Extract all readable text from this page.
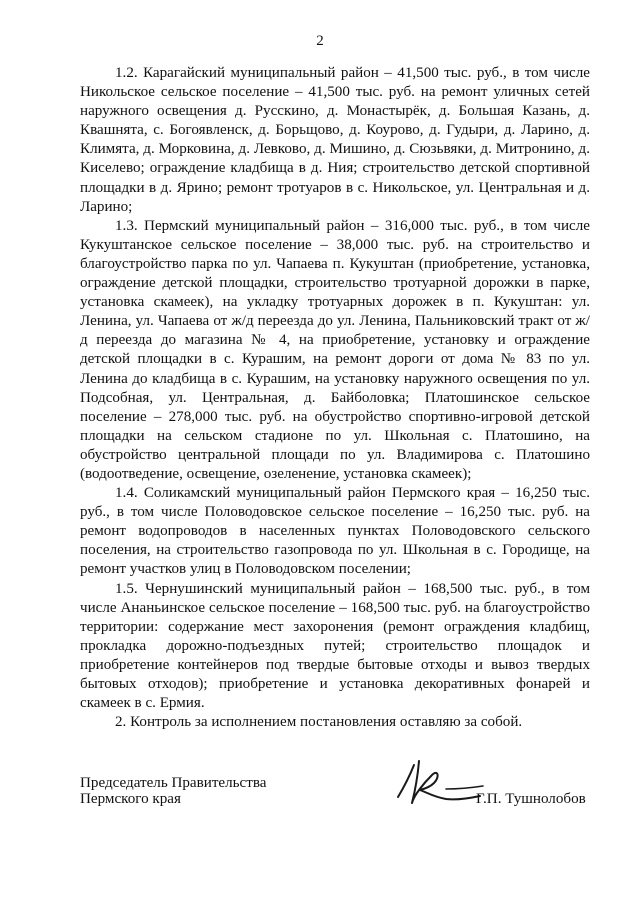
2

1.2. Карагайский муниципальный район – 41,500 тыс. руб., в том числе Никольское сельское поселение – 41,500 тыс. руб. на ремонт уличных сетей наружного освещения д. Русскино, д. Монастырёк, д. Большая Казань, д. Квашнята, с. Богоявленск, д. Борьщово, д. Коурово, д. Гудыри, д. Ларино, д. Климята, д. Морковина, д. Левково, д. Мишино, д. Сюзьвяки, д. Митронино, д. Киселево; ограждение кладбища в д. Ния; строительство детской спортивной площадки в д. Ярино; ремонт тротуаров в с. Никольское, ул. Центральная и д. Ларино;

1.3. Пермский муниципальный район – 316,000 тыс. руб., в том числе Кукуштанское сельское поселение – 38,000 тыс. руб. на строительство и благоустройство парка по ул. Чапаева п. Кукуштан (приобретение, установка, ограждение детской площадки, строительство тротуарной дорожки в парке, установка скамеек), на укладку тротуарных дорожек в п. Кукуштан: ул. Ленина, ул. Чапаева от ж/д переезда до ул. Ленина, Пальниковский тракт от ж/д переезда до магазина № 4, на приобретение, установку и ограждение детской площадки в с. Курашим, на ремонт дороги от дома № 83 по ул. Ленина до кладбища в с. Курашим, на установку наружного освещения по ул. Подсобная, ул. Центральная, д. Байболовка; Платошинское сельское поселение – 278,000 тыс. руб. на обустройство спортивно-игровой детской площадки на сельском стадионе по ул. Школьная с. Платошино, на обустройство центральной площади по ул. Владимирова с. Платошино (водоотведение, освещение, озеленение, установка скамеек);

1.4. Соликамский муниципальный район Пермского края – 16,250 тыс. руб., в том числе Половодовское сельское поселение – 16,250 тыс. руб. на ремонт водопроводов в населенных пунктах Половодовского сельского поселения, на строительство газопровода по ул. Школьная в с. Городище, на ремонт участков улиц в Половодовском поселении;

1.5. Чернушинский муниципальный район – 168,500 тыс. руб., в том числе Ананьинское сельское поселение – 168,500 тыс. руб. на благоустройство территории: содержание мест захоронения (ремонт ограждения кладбищ, прокладка дорожно-подъездных путей; строительство площадок и приобретение контейнеров под твердые бытовые отходы и вывоз твердых бытовых отходов); приобретение и установка декоративных фонарей и скамеек в с. Ермия.

2. Контроль за исполнением постановления оставляю за собой.

Председатель Правительства
Пермского края	Г.П. Тушнолобов
